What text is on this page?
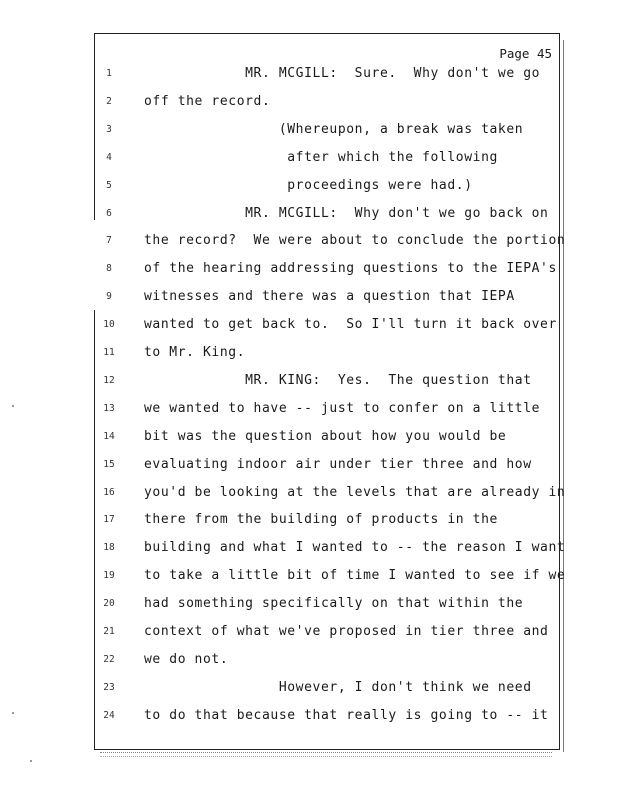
Page 45
1	MR. MCGILL:  Sure.  Why don't we go
2	off the record.
3	(Whereupon, a break was taken
4	after which the following
5	proceedings were had.)
6	MR. MCGILL:  Why don't we go back on
7	the record?  We were about to conclude the portion
8	of the hearing addressing questions to the IEPA's
9	witnesses and there was a question that IEPA
10	wanted to get back to.  So I'll turn it back over
11	to Mr. King.
12	MR. KING:  Yes.  The question that
13	we wanted to have -- just to confer on a little
14	bit was the question about how you would be
15	evaluating indoor air under tier three and how
16	you'd be looking at the levels that are already in
17	there from the building of products in the
18	building and what I wanted to -- the reason I want
19	to take a little bit of time I wanted to see if we
20	had something specifically on that within the
21	context of what we've proposed in tier three and
22	we do not.
23	However, I don't think we need
24	to do that because that really is going to -- it
